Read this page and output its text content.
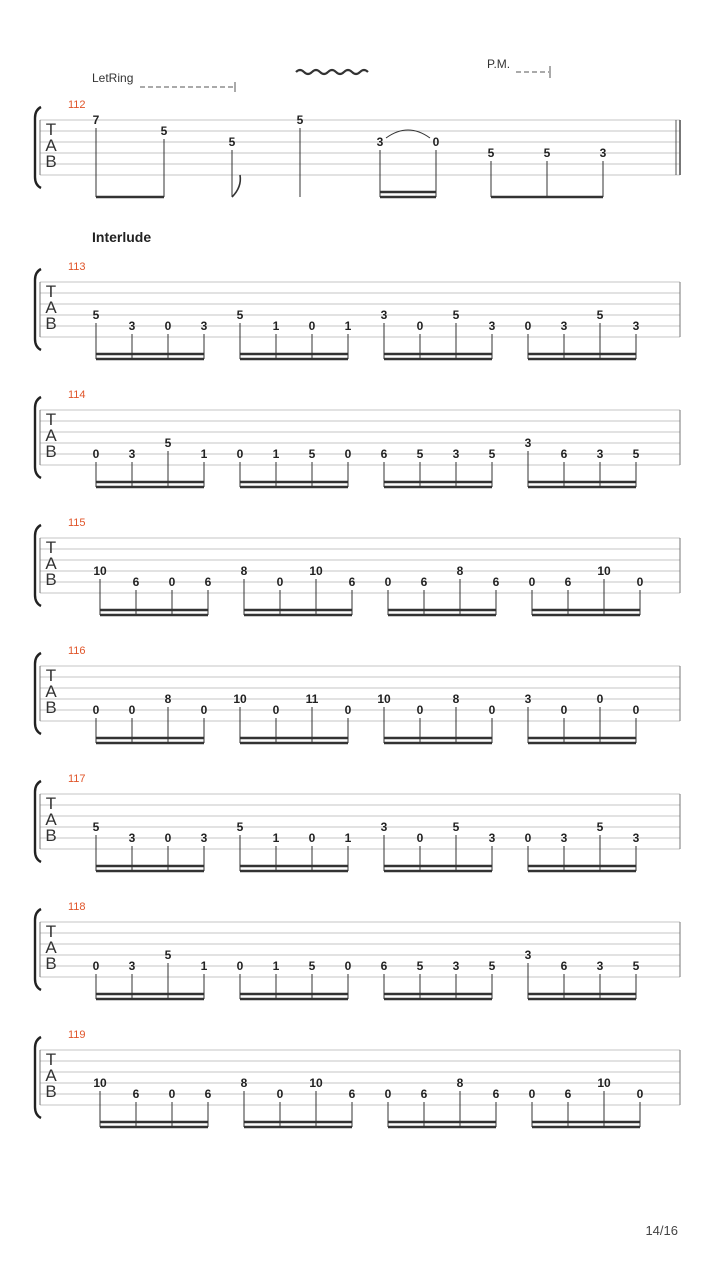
LetRing
P.M.
Interlude
T
A
B
112
7
5
5
5
3	0
5	5	3
T
A
B
113
5
3 0 3
5
1 0 1
3
0
5
3 0 3
5
3
T
A
B
114
0 3
5
1 0 1 5 0 6 5 3 5
3
6 3 5
T
A
B
115
10
6 0 6
8
0
10
6 0 6
8
6 0 6
10
0
T
A
B
116
0 0
8
0
10
0
11
0
10
0
8
0
3
0
0
0
T
A
B
117
5
3 0 3
5
1 0 1
3
0
5
3 0 3
5
3
T
A
B
118
0 3
5
1 0 1 5 0 6 5 3 5
3
6 3 5
T
A
B
119
10
6 0 6
8
0
10
6 0 6
8
6 0 6
10
0
14/16
